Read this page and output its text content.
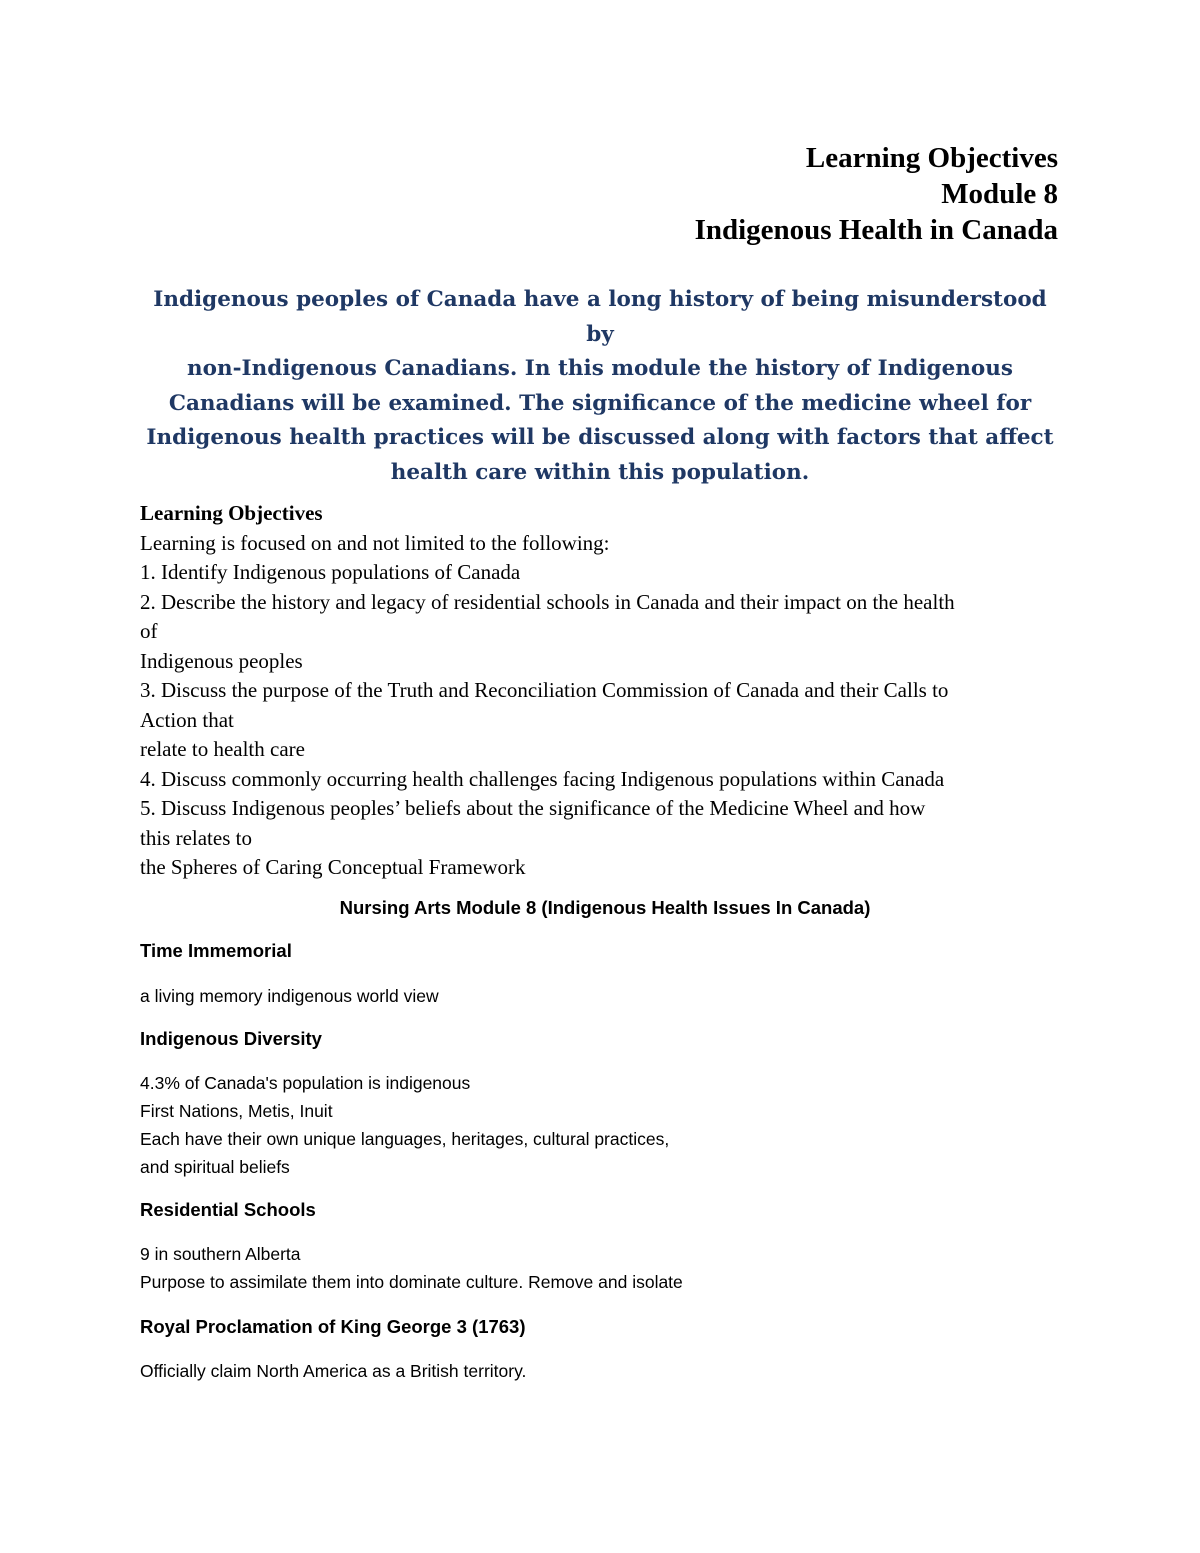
Learning Objectives
Module 8
Indigenous Health in Canada
Indigenous peoples of Canada have a long history of being misunderstood by
non-Indigenous Canadians. In this module the history of Indigenous
Canadians will be examined. The significance of the medicine wheel for
Indigenous health practices will be discussed along with factors that affect
health care within this population.
Learning Objectives
Learning is focused on and not limited to the following:
1. Identify Indigenous populations of Canada
2. Describe the history and legacy of residential schools in Canada and their impact on the health
of
Indigenous peoples
3. Discuss the purpose of the Truth and Reconciliation Commission of Canada and their Calls to
Action that
relate to health care
4. Discuss commonly occurring health challenges facing Indigenous populations within Canada
5. Discuss Indigenous peoples’ beliefs about the significance of the Medicine Wheel and how
this relates to
the Spheres of Caring Conceptual Framework
Nursing Arts Module 8 (Indigenous Health Issues In Canada)
Time Immemorial
a living memory indigenous world view
Indigenous Diversity
4.3% of Canada's population is indigenous
First Nations, Metis, Inuit
Each have their own unique languages, heritages, cultural practices,
and spiritual beliefs
Residential Schools
9 in southern Alberta
Purpose to assimilate them into dominate culture. Remove and isolate
Royal Proclamation of King George 3 (1763)
Officially claim North America as a British territory.
